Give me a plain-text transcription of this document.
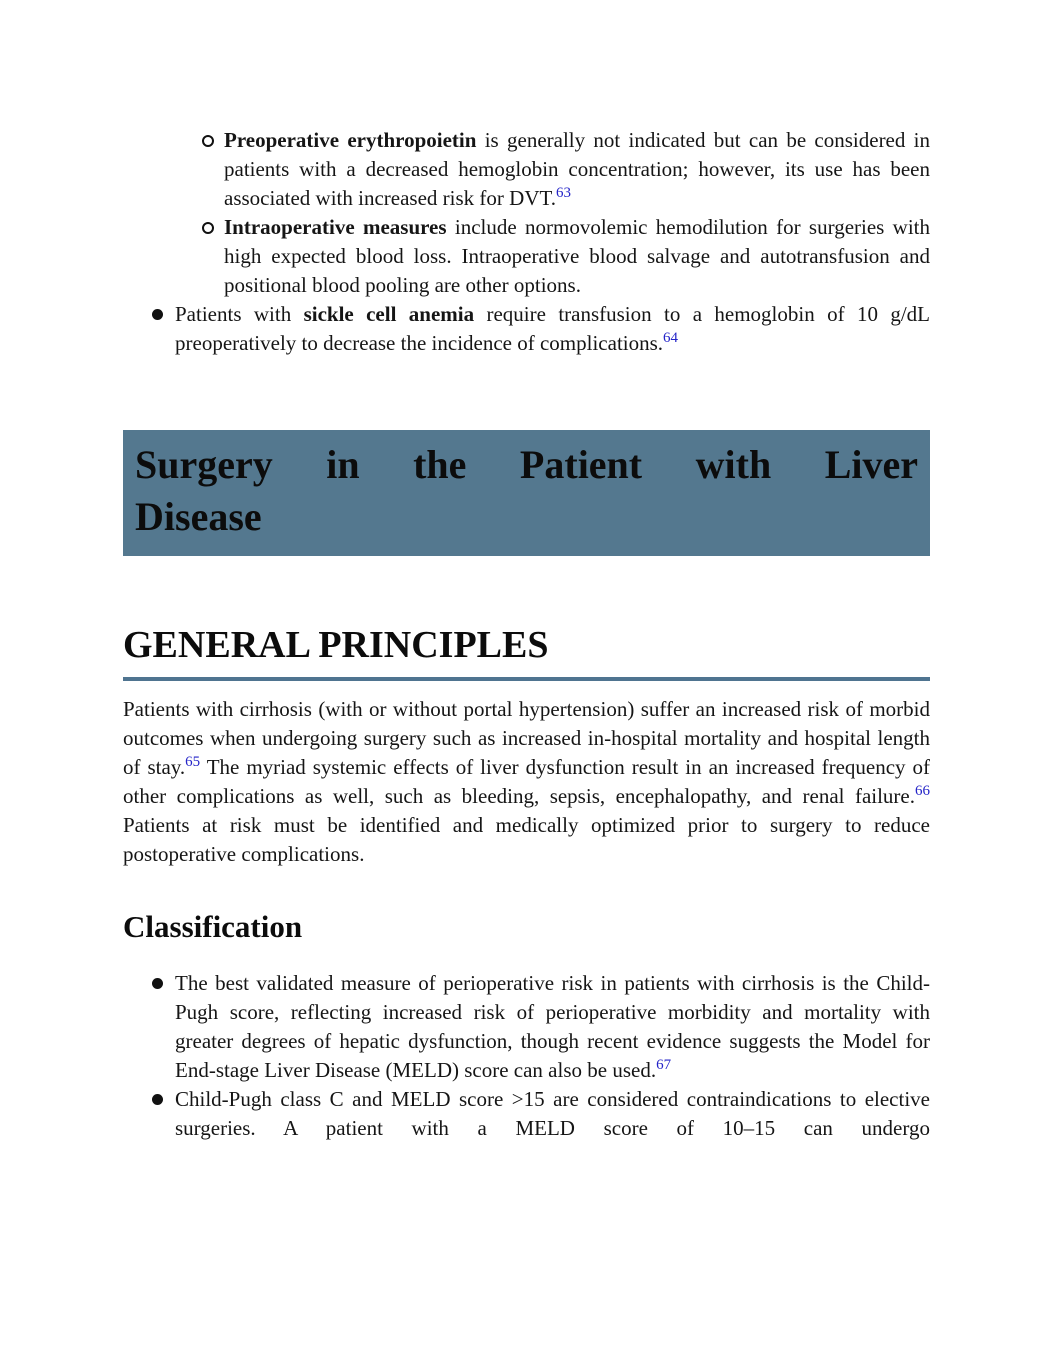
Preoperative erythropoietin is generally not indicated but can be considered in patients with a decreased hemoglobin concentration; however, its use has been associated with increased risk for DVT.$^{63}$
Intraoperative measures include normovolemic hemodilution for surgeries with high expected blood loss. Intraoperative blood salvage and autotransfusion and positional blood pooling are other options.
Patients with sickle cell anemia require transfusion to a hemoglobin of 10 g/dL preoperatively to decrease the incidence of complications.$^{64}$
Surgery in the Patient with Liver
Disease
GENERAL PRINCIPLES
Patients with cirrhosis (with or without portal hypertension) suffer an increased risk of morbid outcomes when undergoing surgery such as increased in-hospital mortality and hospital length of stay.$^{65}$ The myriad systemic effects of liver dysfunction result in an increased frequency of other complications as well, such as bleeding, sepsis, encephalopathy, and renal failure.$^{66}$ Patients at risk must be identified and medically optimized prior to surgery to reduce postoperative complications.
Classification
The best validated measure of perioperative risk in patients with cirrhosis is the Child-Pugh score, reflecting increased risk of perioperative morbidity and mortality with greater degrees of hepatic dysfunction, though recent evidence suggests the Model for End-stage Liver Disease (MELD) score can also be used.$^{67}$
Child-Pugh class C and MELD score >15 are considered contraindications to elective surgeries. A patient with a MELD score of 10–15 can undergo
